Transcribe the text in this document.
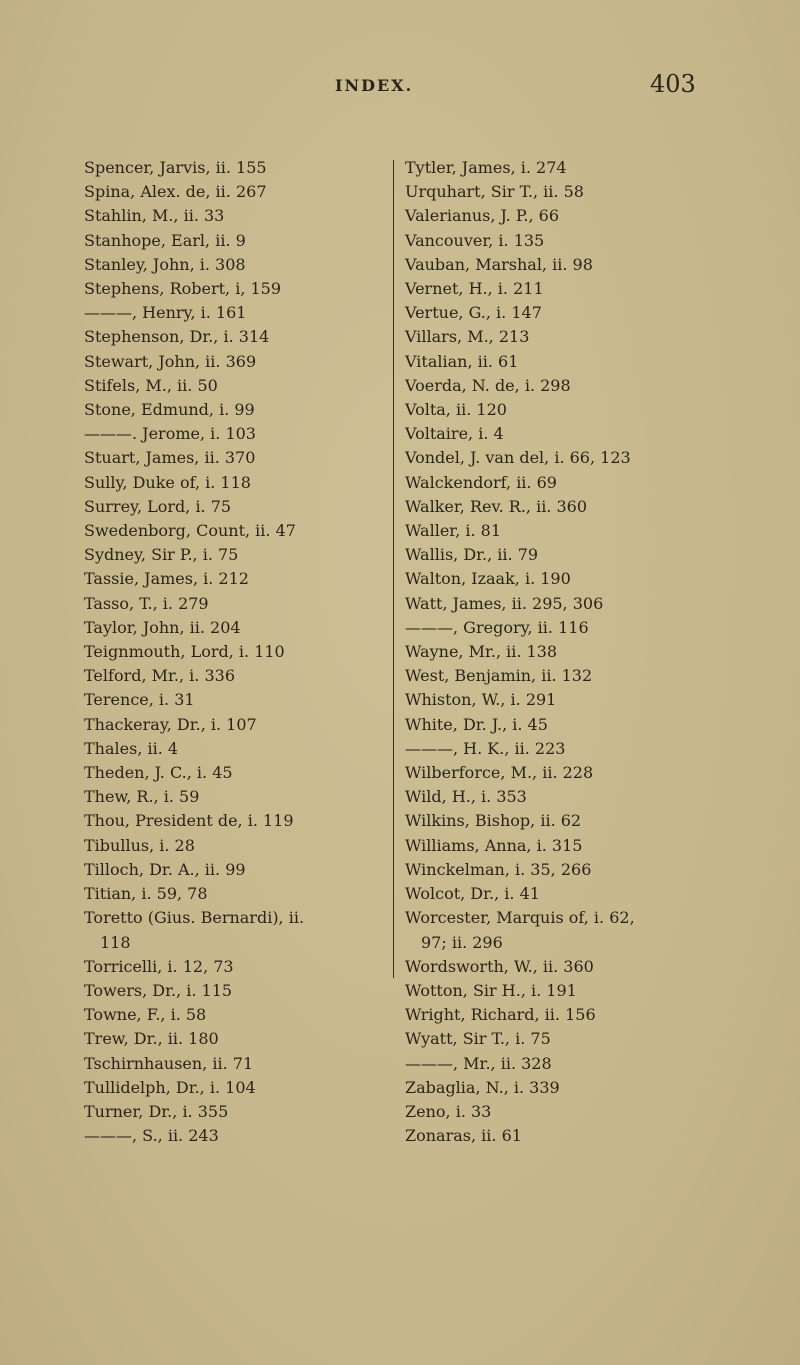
INDEX.	403
Spencer, Jarvis, ii. 155
Spina, Alex. de, ii. 267
Stahlin, M., ii. 33
Stanhope, Earl, ii. 9
Stanley, John, i. 308
Stephens, Robert, i, 159
———, Henry, i. 161
Stephenson, Dr., i. 314
Stewart, John, ii. 369
Stifels, M., ii. 50
Stone, Edmund, i. 99
———. Jerome, i. 103
Stuart, James, ii. 370
Sully, Duke of, i. 118
Surrey, Lord, i. 75
Swedenborg, Count, ii. 47
Sydney, Sir P., i. 75
Tassie, James, i. 212
Tasso, T., i. 279
Taylor, John, ii. 204
Teignmouth, Lord, i. 110
Telford, Mr., i. 336
Terence, i. 31
Thackeray, Dr., i. 107
Thales, ii. 4
Theden, J. C., i. 45
Thew, R., i. 59
Thou, President de, i. 119
Tibullus, i. 28
Tilloch, Dr. A., ii. 99
Titian, i. 59, 78
Toretto (Gius. Bernardi), ii.
118
Torricelli, i. 12, 73
Towers, Dr., i. 115
Towne, F., i. 58
Trew, Dr., ii. 180
Tschirnhausen, ii. 71
Tullidelph, Dr., i. 104
Turner, Dr., i. 355
———, S., ii. 243
Tytler, James, i. 274
Urquhart, Sir T., ii. 58
Valerianus, J. P., 66
Vancouver, i. 135
Vauban, Marshal, ii. 98
Vernet, H., i. 211
Vertue, G., i. 147
Villars, M., 213
Vitalian, ii. 61
Voerda, N. de, i. 298
Volta, ii. 120
Voltaire, i. 4
Vondel, J. van del, i. 66, 123
Walckendorf, ii. 69
Walker, Rev. R., ii. 360
Waller, i. 81
Wallis, Dr., ii. 79
Walton, Izaak, i. 190
Watt, James, ii. 295, 306
———, Gregory, ii. 116
Wayne, Mr., ii. 138
West, Benjamin, ii. 132
Whiston, W., i. 291
White, Dr. J., i. 45
———, H. K., ii. 223
Wilberforce, M., ii. 228
Wild, H., i. 353
Wilkins, Bishop, ii. 62
Williams, Anna, i. 315
Winckelman, i. 35, 266
Wolcot, Dr., i. 41
Worcester, Marquis of, i. 62,
97; ii. 296
Wordsworth, W., ii. 360
Wotton, Sir H., i. 191
Wright, Richard, ii. 156
Wyatt, Sir T., i. 75
———, Mr., ii. 328
Zabaglia, N., i. 339
Zeno, i. 33
Zonaras, ii. 61
